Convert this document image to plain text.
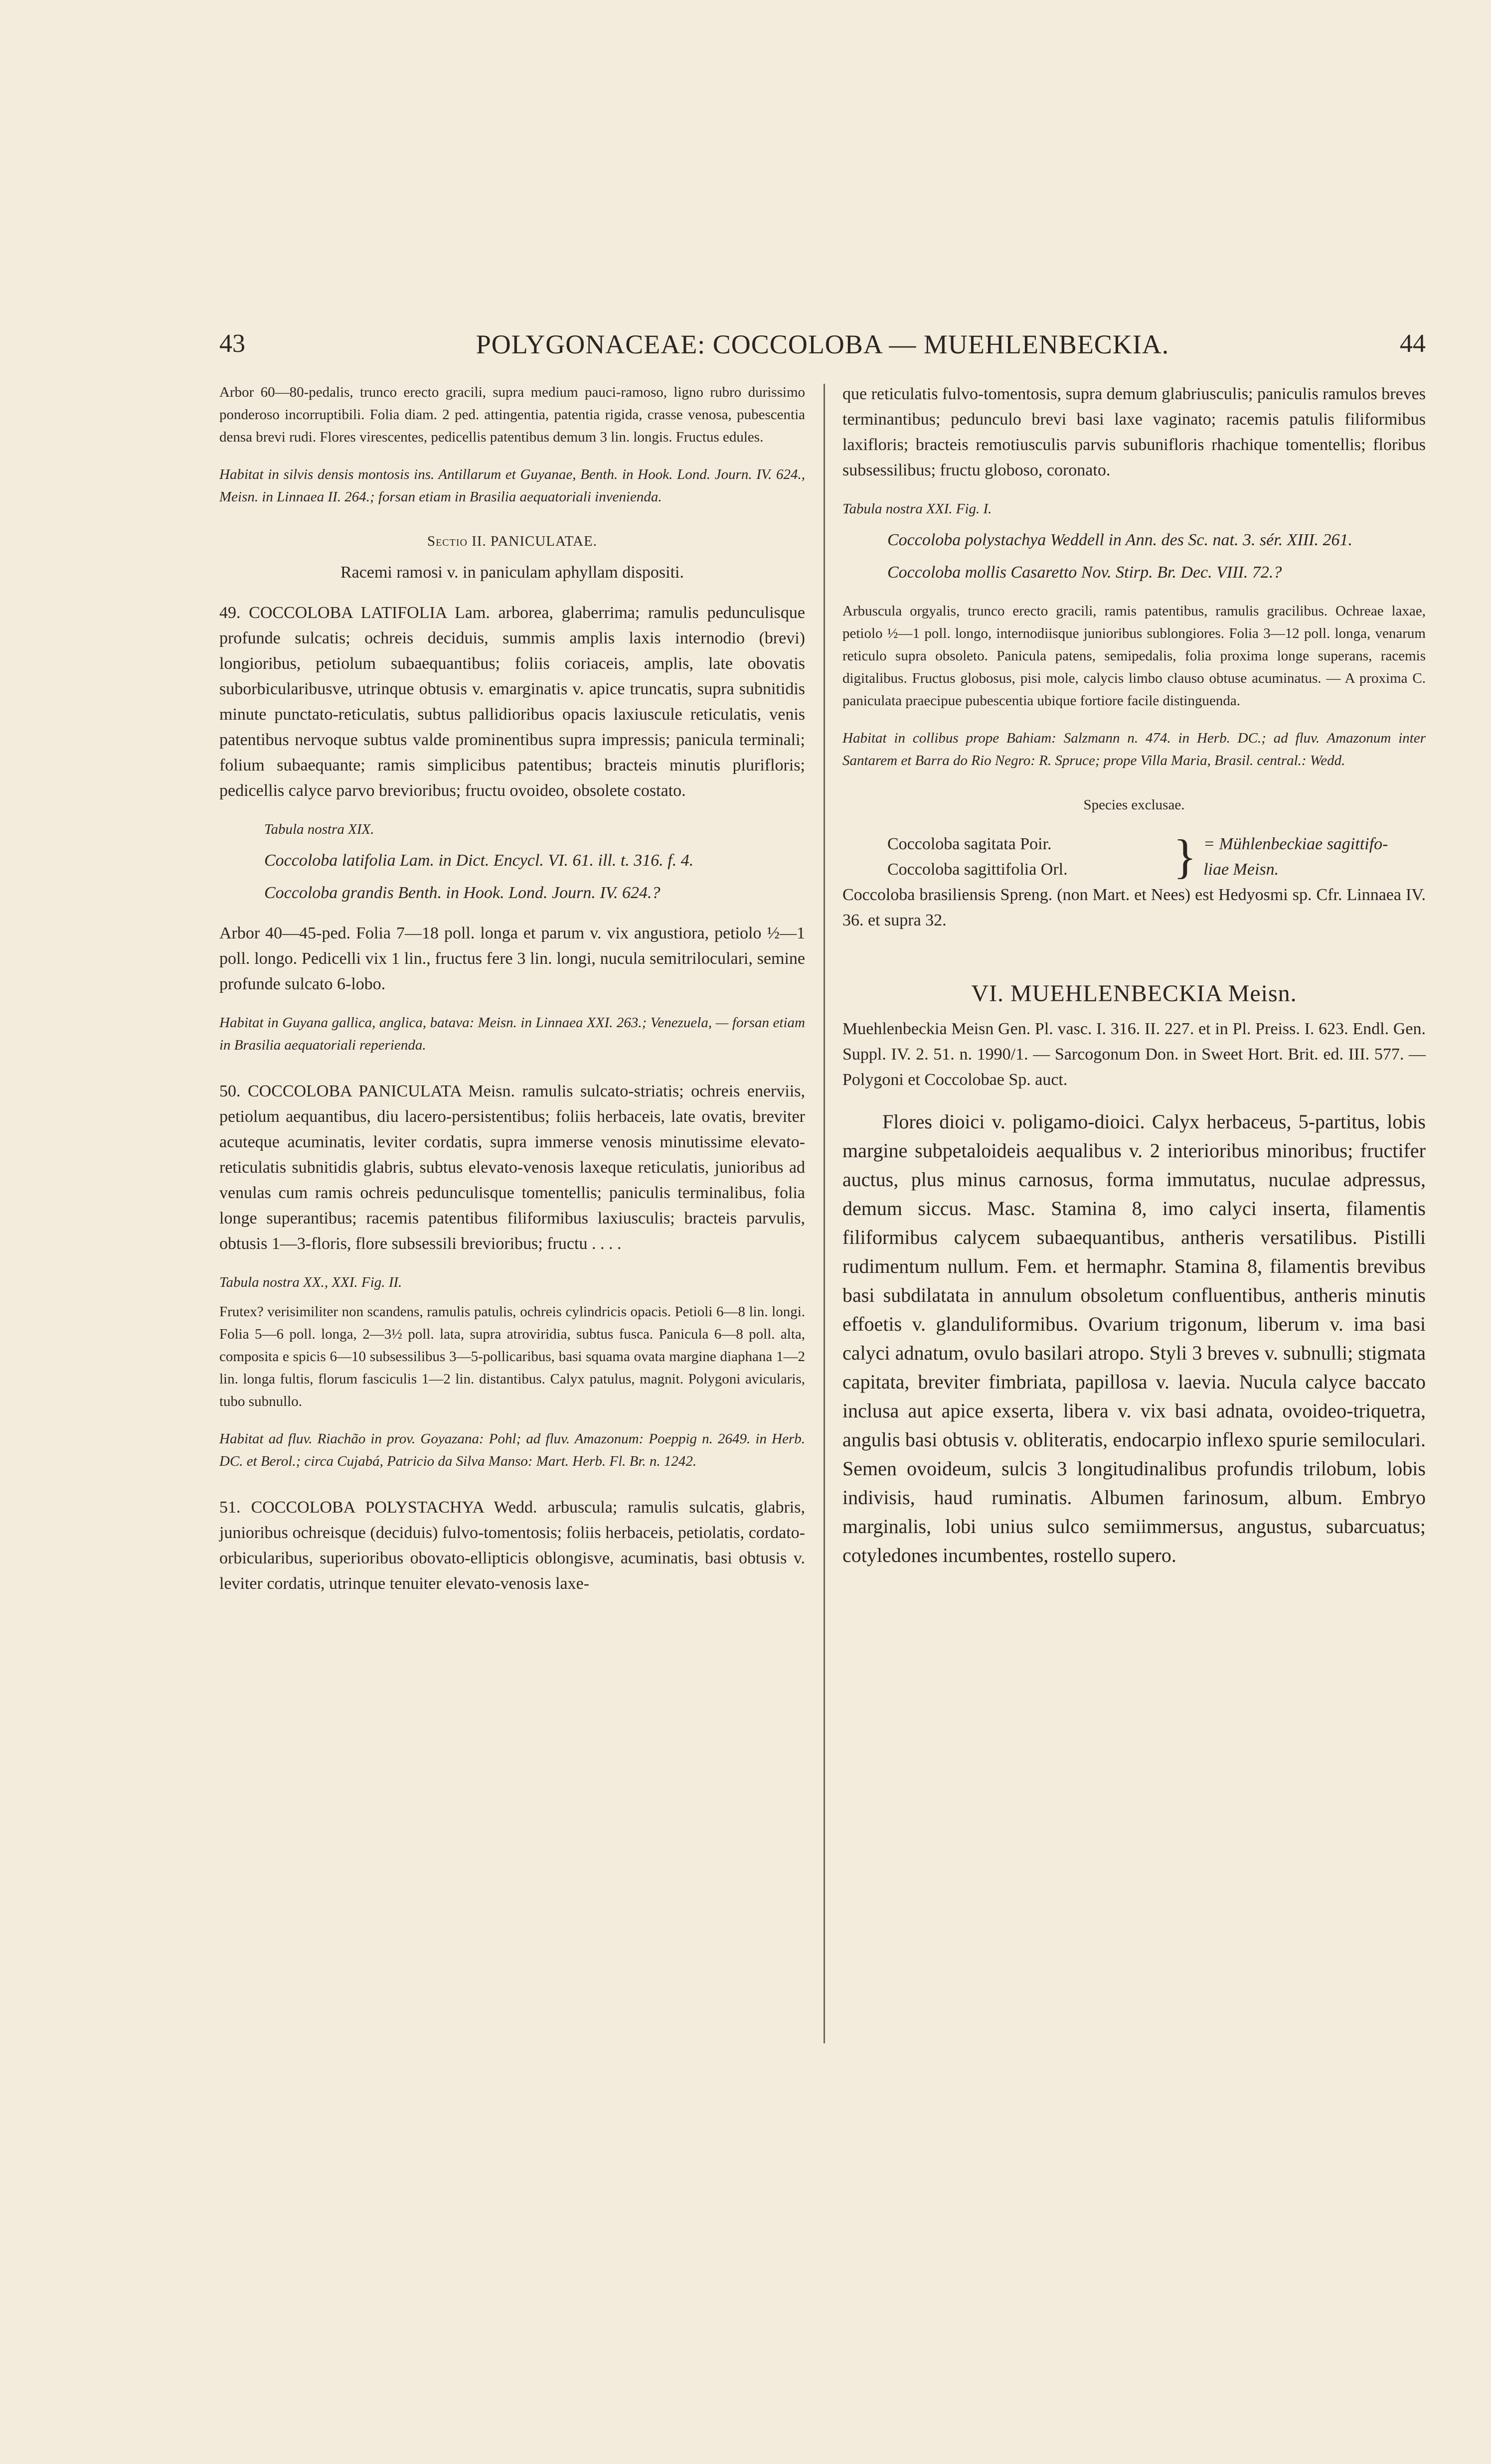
43	POLYGONACEAE: COCCOLOBA — MUEHLENBECKIA.	44

Arbor 60—80-pedalis, trunco erecto gracili, supra medium pauci-ramoso, ligno rubro durissimo ponderoso incorruptibili. Folia diam. 2 ped. attingentia, patentia rigida, crasse venosa, pubescentia densa brevi rudi. Flores virescentes, pedicellis patentibus demum 3 lin. longis. Fructus edules.

Habitat in silvis densis montosis ins. Antillarum et Guyanae, Benth. in Hook. Lond. Journ. IV. 624., Meisn. in Linnaea II. 264.; forsan etiam in Brasilia aequatoriali invenienda.

Sectio II. PANICULATAE.

Racemi ramosi v. in paniculam aphyllam dispositi.

49. COCCOLOBA LATIFOLIA Lam. arborea, glaberrima; ramulis pedunculisque profunde sulcatis; ochreis deciduis, summis amplis laxis internodio (brevi) longioribus, petiolum subaequantibus; foliis coriaceis, amplis, late obovatis suborbicularibusve, utrinque obtusis v. emarginatis v. apice truncatis, supra subnitidis minute punctato-reticulatis, subtus pallidioribus opacis laxiuscule reticulatis, venis patentibus nervoque subtus valde prominentibus supra impressis; panicula terminali; folium subaequante; ramis simplicibus patentibus; bracteis minutis plurifloris; pedicellis calyce parvo brevioribus; fructu ovoideo, obsolete costato.

Tabula nostra XIX.

Coccoloba latifolia Lam. in Dict. Encycl. VI. 61. ill. t. 316. f. 4.

Coccoloba grandis Benth. in Hook. Lond. Journ. IV. 624.?

Arbor 40—45-ped. Folia 7—18 poll. longa et parum v. vix angustiora, petiolo ½—1 poll. longo. Pedicelli vix 1 lin., fructus fere 3 lin. longi, nucula semitriloculari, semine profunde sulcato 6-lobo.

Habitat in Guyana gallica, anglica, batava: Meisn. in Linnaea XXI. 263.; Venezuela, — forsan etiam in Brasilia aequatoriali reperienda.

50. COCCOLOBA PANICULATA Meisn. ramulis sulcato-striatis; ochreis enerviis, petiolum aequantibus, diu lacero-persistentibus; foliis herbaceis, late ovatis, breviter acuteque acuminatis, leviter cordatis, supra immerse venosis minutissime elevato-reticulatis subnitidis glabris, subtus elevato-venosis laxeque reticulatis, junioribus ad venulas cum ramis ochreis pedunculisque tomentellis; paniculis terminalibus, folia longe superantibus; racemis patentibus filiformibus laxiusculis; bracteis parvulis, obtusis 1—3-floris, flore subsessili brevioribus; fructu . . . .

Tabula nostra XX., XXI. Fig. II.

Frutex? verisimiliter non scandens, ramulis patulis, ochreis cylindricis opacis. Petioli 6—8 lin. longi. Folia 5—6 poll. longa, 2—3½ poll. lata, supra atroviridia, subtus fusca. Panicula 6—8 poll. alta, composita e spicis 6—10 subsessilibus 3—5-pollicaribus, basi squama ovata margine diaphana 1—2 lin. longa fultis, florum fasciculis 1—2 lin. distantibus. Calyx patulus, magnit. Polygoni avicularis, tubo subnullo.

Habitat ad fluv. Riachão in prov. Goyazana: Pohl; ad fluv. Amazonum: Poeppig n. 2649. in Herb. DC. et Berol.; circa Cujabá, Patricio da Silva Manso: Mart. Herb. Fl. Br. n. 1242.

51. COCCOLOBA POLYSTACHYA Wedd. arbuscula; ramulis sulcatis, glabris, junioribus ochreisque (deciduis) fulvo-tomentosis; foliis herbaceis, petiolatis, cordato-orbicularibus, superioribus obovato-ellipticis oblongisve, acuminatis, basi obtusis v. leviter cordatis, utrinque tenuiter elevato-venosis laxe-

que reticulatis fulvo-tomentosis, supra demum glabriusculis; paniculis ramulos breves terminantibus; pedunculo brevi basi laxe vaginato; racemis patulis filiformibus laxifloris; bracteis remotiusculis parvis subunifloris rhachique tomentellis; floribus subsessilibus; fructu globoso, coronato.

Tabula nostra XXI. Fig. I.

Coccoloba polystachya Weddell in Ann. des Sc. nat. 3. sér. XIII. 261.

Coccoloba mollis Casaretto Nov. Stirp. Br. Dec. VIII. 72.?

Arbuscula orgyalis, trunco erecto gracili, ramis patentibus, ramulis gracilibus. Ochreae laxae, petiolo ½—1 poll. longo, internodiisque junioribus sublongiores. Folia 3—12 poll. longa, venarum reticulo supra obsoleto. Panicula patens, semipedalis, folia proxima longe superans, racemis digitalibus. Fructus globosus, pisi mole, calycis limbo clauso obtuse acuminatus. — A proxima C. paniculata praecipue pubescentia ubique fortiore facile distinguenda.

Habitat in collibus prope Bahiam: Salzmann n. 474. in Herb. DC.; ad fluv. Amazonum inter Santarem et Barra do Rio Negro: R. Spruce; prope Villa Maria, Brasil. central.: Wedd.

Species exclusae.

Coccoloba sagitata Poir.

Coccoloba sagittifolia Orl.	} = Mühlenbeckiae sagittifo-

liae Meisn.

Coccoloba brasiliensis Spreng. (non Mart. et Nees) est Hedyosmi sp. Cfr. Linnaea IV. 36. et supra 32.

VI. MUEHLENBECKIA Meisn.

Muehlenbeckia Meisn Gen. Pl. vasc. I. 316. II. 227. et in Pl. Preiss. I. 623. Endl. Gen. Suppl. IV. 2. 51. n. 1990/1. — Sarcogonum Don. in Sweet Hort. Brit. ed. III. 577. — Polygoni et Coccolobae Sp. auct.

Flores dioici v. poligamo-dioici. Calyx herbaceus, 5-partitus, lobis margine subpetaloideis aequalibus v. 2 interioribus minoribus; fructifer auctus, plus minus carnosus, forma immutatus, nuculae adpressus, demum siccus. Masc. Stamina 8, imo calyci inserta, filamentis filiformibus calycem subaequantibus, antheris versatilibus. Pistilli rudimentum nullum. Fem. et hermaphr. Stamina 8, filamentis brevibus basi subdilatata in annulum obsoletum confluentibus, antheris minutis effoetis v. glanduliformibus. Ovarium trigonum, liberum v. ima basi calyci adnatum, ovulo basilari atropo. Styli 3 breves v. subnulli; stigmata capitata, breviter fimbriata, papillosa v. laevia. Nucula calyce baccato inclusa aut apice exserta, libera v. vix basi adnata, ovoideo-triquetra, angulis basi obtusis v. obliteratis, endocarpio inflexo spurie semiloculari. Semen ovoideum, sulcis 3 longitudinalibus profundis trilobum, lobis indivisis, haud ruminatis. Albumen farinosum, album. Embryo marginalis, lobi unius sulco semiimmersus, angustus, subarcuatus; cotyledones incumbentes, rostello supero.
